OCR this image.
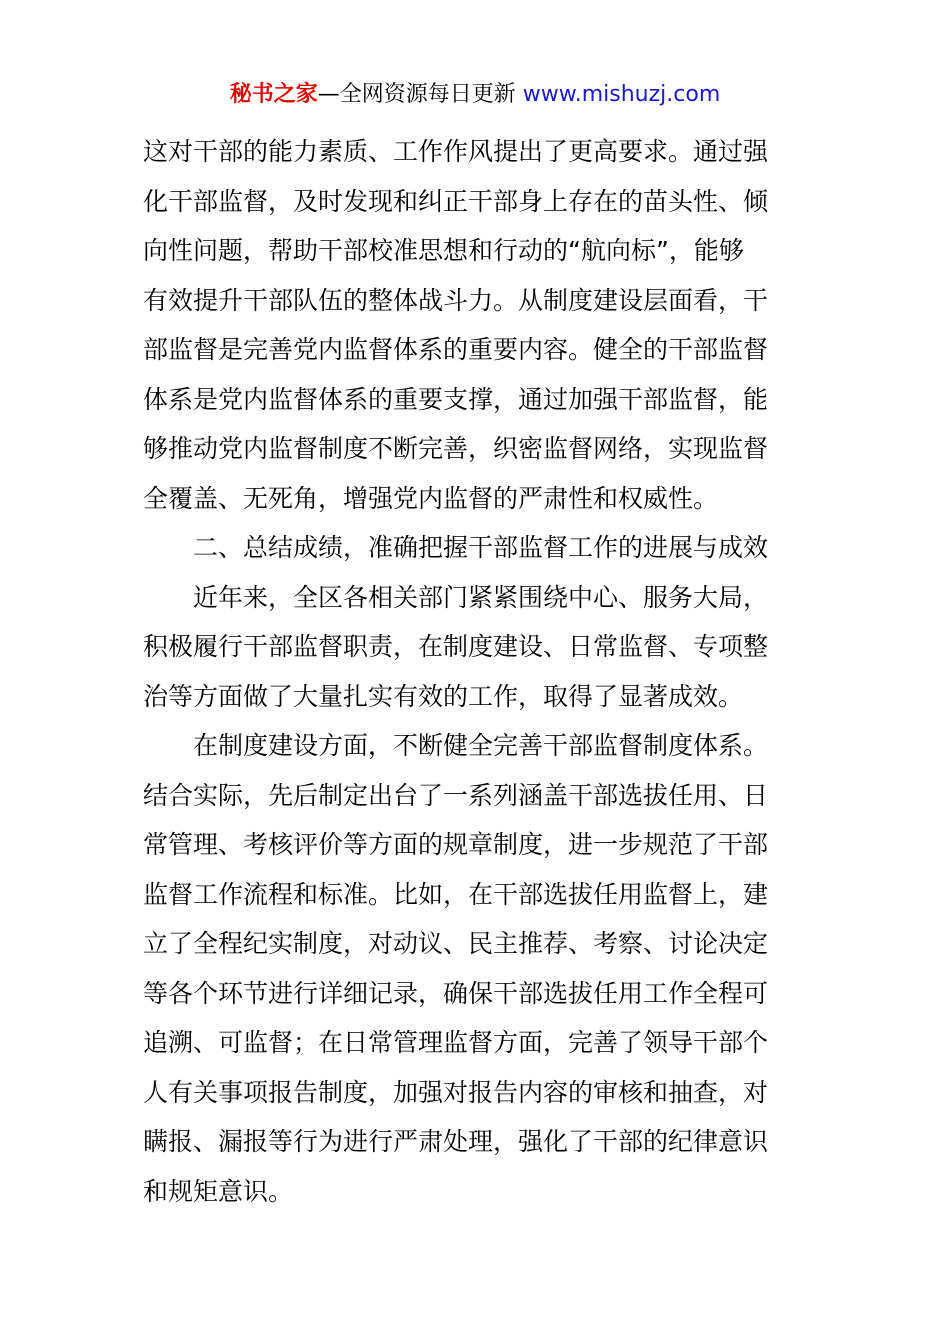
秘书之家—全网资源每日更新 www.mishuzj.com
这对干部的能力素质、工作作风提出了更高要求。通过强
化干部监督，及时发现和纠正干部身上存在的苗头性、倾
向性问题，帮助干部校准思想和行动的“航向标”，能够
有效提升干部队伍的整体战斗力。从制度建设层面看，干
部监督是完善党内监督体系的重要内容。健全的干部监督
体系是党内监督体系的重要支撑，通过加强干部监督，能
够推动党内监督制度不断完善，织密监督网络，实现监督
全覆盖、无死角，增强党内监督的严肃性和权威性。
二、总结成绩，准确把握干部监督工作的进展与成效
近年来，全区各相关部门紧紧围绕中心、服务大局，
积极履行干部监督职责，在制度建设、日常监督、专项整
治等方面做了大量扎实有效的工作，取得了显著成效。
在制度建设方面，不断健全完善干部监督制度体系。
结合实际，先后制定出台了一系列涵盖干部选拔任用、日
常管理、考核评价等方面的规章制度，进一步规范了干部
监督工作流程和标准。比如，在干部选拔任用监督上，建
立了全程纪实制度，对动议、民主推荐、考察、讨论决定
等各个环节进行详细记录，确保干部选拔任用工作全程可
追溯、可监督；在日常管理监督方面，完善了领导干部个
人有关事项报告制度，加强对报告内容的审核和抽查，对
瞒报、漏报等行为进行严肃处理，强化了干部的纪律意识
和规矩意识。
